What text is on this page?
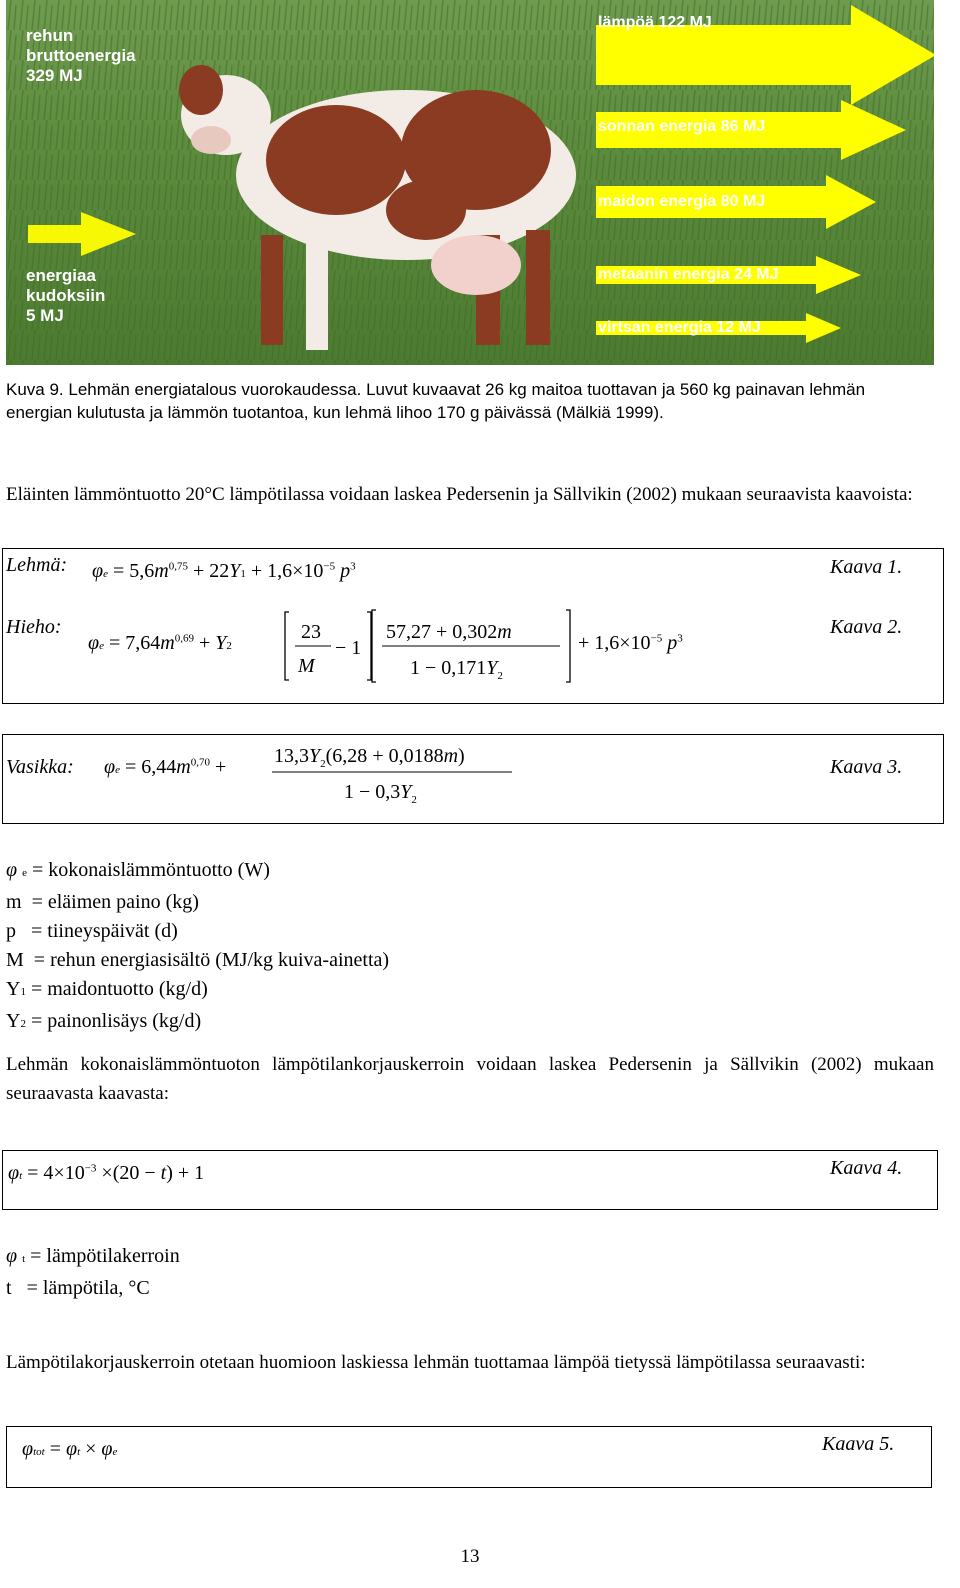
rehun
bruttoenergia
329 MJ
energiaa
kudoksiin
5 MJ
lämpöä 122 MJ
sonnan energia 86 MJ
maidon energia 80 MJ
metaanin energia 24 MJ
virtsan energia 12 MJ
Kuva 9. Lehmän energiatalous vuorokaudessa. Luvut kuvaavat 26 kg maitoa tuottavan ja 560 kg painavan lehmän energian kulutusta ja lämmön tuotantoa, kun lehmä lihoo 170 g päivässä (Mälkiä 1999).
Eläinten lämmöntuotto 20°C lämpötilassa voidaan laskea Pedersenin ja Sällvikin (2002) mukaan seuraavista kaavoista:
Lehmä: $\varphi e = 5,6m^{0,75} + 22Y1 + 1,6\times 10^{-5}$ $p^3$	Kaava 1.
Hieho:
$\varphi e = 7,64m^{0,69} + Y2$
23
M
− 1
57,27 + 0,302m
$1 - 0,171Y_2$
+ $1,6\times 10^{-5}$ $p^3$
Kaava 2.
Vasikka: $\varphi e = 6,44m^{0,70} + 13,3Y_2(6,28 + 0,0188m)$
$1 - 0,3Y_2$
Kaava 3.
φ e = kokonaislämmöntuotto (W)
m = eläimen paino (kg)
p = tiineyspäivät (d)
M = rehun energiasisältö (MJ/kg kuiva-ainetta)
Y1 = maidontuotto (kg/d)
Y2 = painonlisäys (kg/d)
Lehmän kokonaislämmöntuoton lämpötilankorjauskerroin voidaan laskea Pedersenin ja Sällvikin (2002) mukaan seuraavasta kaavasta:
$\varphi t = 4\times 10^{-3} \times(20 - t) + 1$	Kaava 4.
φ t = lämpötilakerroin
t = lämpötila, °C
Lämpötilakorjauskerroin otetaan huomioon laskiessa lehmän tuottamaa lämpöä tietyssä lämpötilassa seuraavasti:
φtot = φt × φe	Kaava 5.
13
